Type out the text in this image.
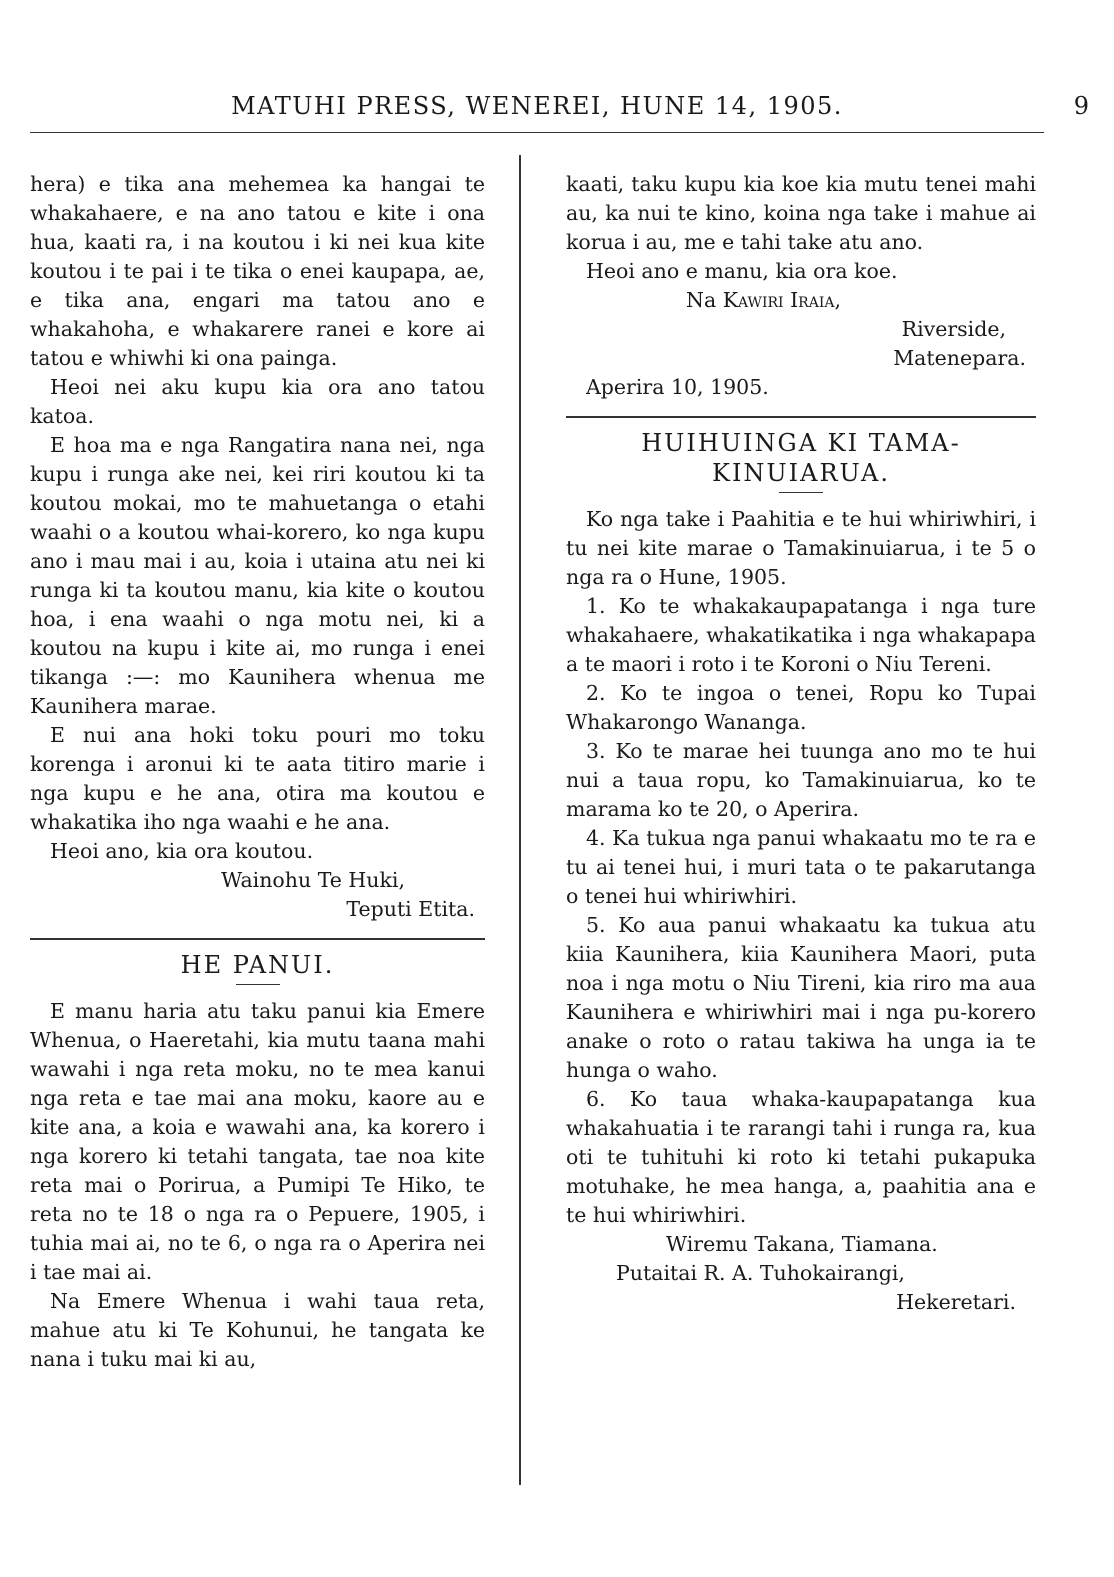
MATUHI PRESS, WENEREI, HUNE 14, 1905.	9

hera) e tika ana mehemea ka hangai te whakahaere, e na ano tatou e kite i ona hua, kaati ra, i na koutou i ki nei kua kite koutou i te pai i te tika o enei kaupapa, ae, e tika ana, engari ma tatou ano e whakahoha, e whakarere ranei e kore ai tatou e whiwhi ki ona painga.

Heoi nei aku kupu kia ora ano tatou katoa.

E hoa ma e nga Rangatira nana nei, nga kupu i runga ake nei, kei riri koutou ki ta koutou mokai, mo te mahuetanga o etahi waahi o a koutou whai-korero, ko nga kupu ano i mau mai i au, koia i utaina atu nei ki runga ki ta koutou manu, kia kite o koutou hoa, i ena waahi o nga motu nei, ki a koutou na kupu i kite ai, mo runga i enei tikanga :—: mo Kaunihera whenua me Kaunihera marae.

E nui ana hoki toku pouri mo toku korenga i aronui ki te aata titiro marie i nga kupu e he ana, otira ma koutou e whakatika iho nga waahi e he ana.

Heoi ano, kia ora koutou.

Wainohu Te Huki,

Teputi Etita.

HE PANUI.

E manu haria atu taku panui kia Emere Whenua, o Haeretahi, kia mutu taana mahi wawahi i nga reta moku, no te mea kanui nga reta e tae mai ana moku, kaore au e kite ana, a koia e wawahi ana, ka korero i nga korero ki tetahi tangata, tae noa kite reta mai o Porirua, a Pumipi Te Hiko, te reta no te 18 o nga ra o Pepuere, 1905, i tuhia mai ai, no te 6, o nga ra o Aperira nei i tae mai ai.

Na Emere Whenua i wahi taua reta, mahue atu ki Te Kohunui, he tangata ke nana i tuku mai ki au,

kaati, taku kupu kia koe kia mutu tenei mahi au, ka nui te kino, koina nga take i mahue ai korua i au, me e tahi take atu ano.

Heoi ano e manu, kia ora koe.

Na Kawiri Iraia,

Riverside,

Matenepara.

Aperira 10, 1905.

HUIHUINGA KI TAMA-
KINUIARUA.

Ko nga take i Paahitia e te hui whiriwhiri, i tu nei kite marae o Tamakinuiarua, i te 5 o nga ra o Hune, 1905.

1. Ko te whakakaupapatanga i nga ture whakahaere, whakatikatika i nga whakapapa a te maori i roto i te Koroni o Niu Tereni.

2. Ko te ingoa o tenei, Ropu ko Tupai Whakarongo Wananga.

3. Ko te marae hei tuunga ano mo te hui nui a taua ropu, ko Tamakinuiarua, ko te marama ko te 20, o Aperira.

4. Ka tukua nga panui whakaatu mo te ra e tu ai tenei hui, i muri tata o te pakarutanga o tenei hui whiriwhiri.

5. Ko aua panui whakaatu ka tukua atu kiia Kaunihera, kiia Kaunihera Maori, puta noa i nga motu o Niu Tireni, kia riro ma aua Kaunihera e whiriwhiri mai i nga pu-korero anake o roto o ratau takiwa ha unga ia te hunga o waho.

6. Ko taua whaka-kaupapatanga kua whakahuatia i te rarangi tahi i runga ra, kua oti te tuhituhi ki roto ki tetahi pukapuka motuhake, he mea hanga, a, paahitia ana e te hui whiriwhiri.

Wiremu Takana, Tiamana.

Putaitai R. A. Tuhokairangi,

Hekeretari.
